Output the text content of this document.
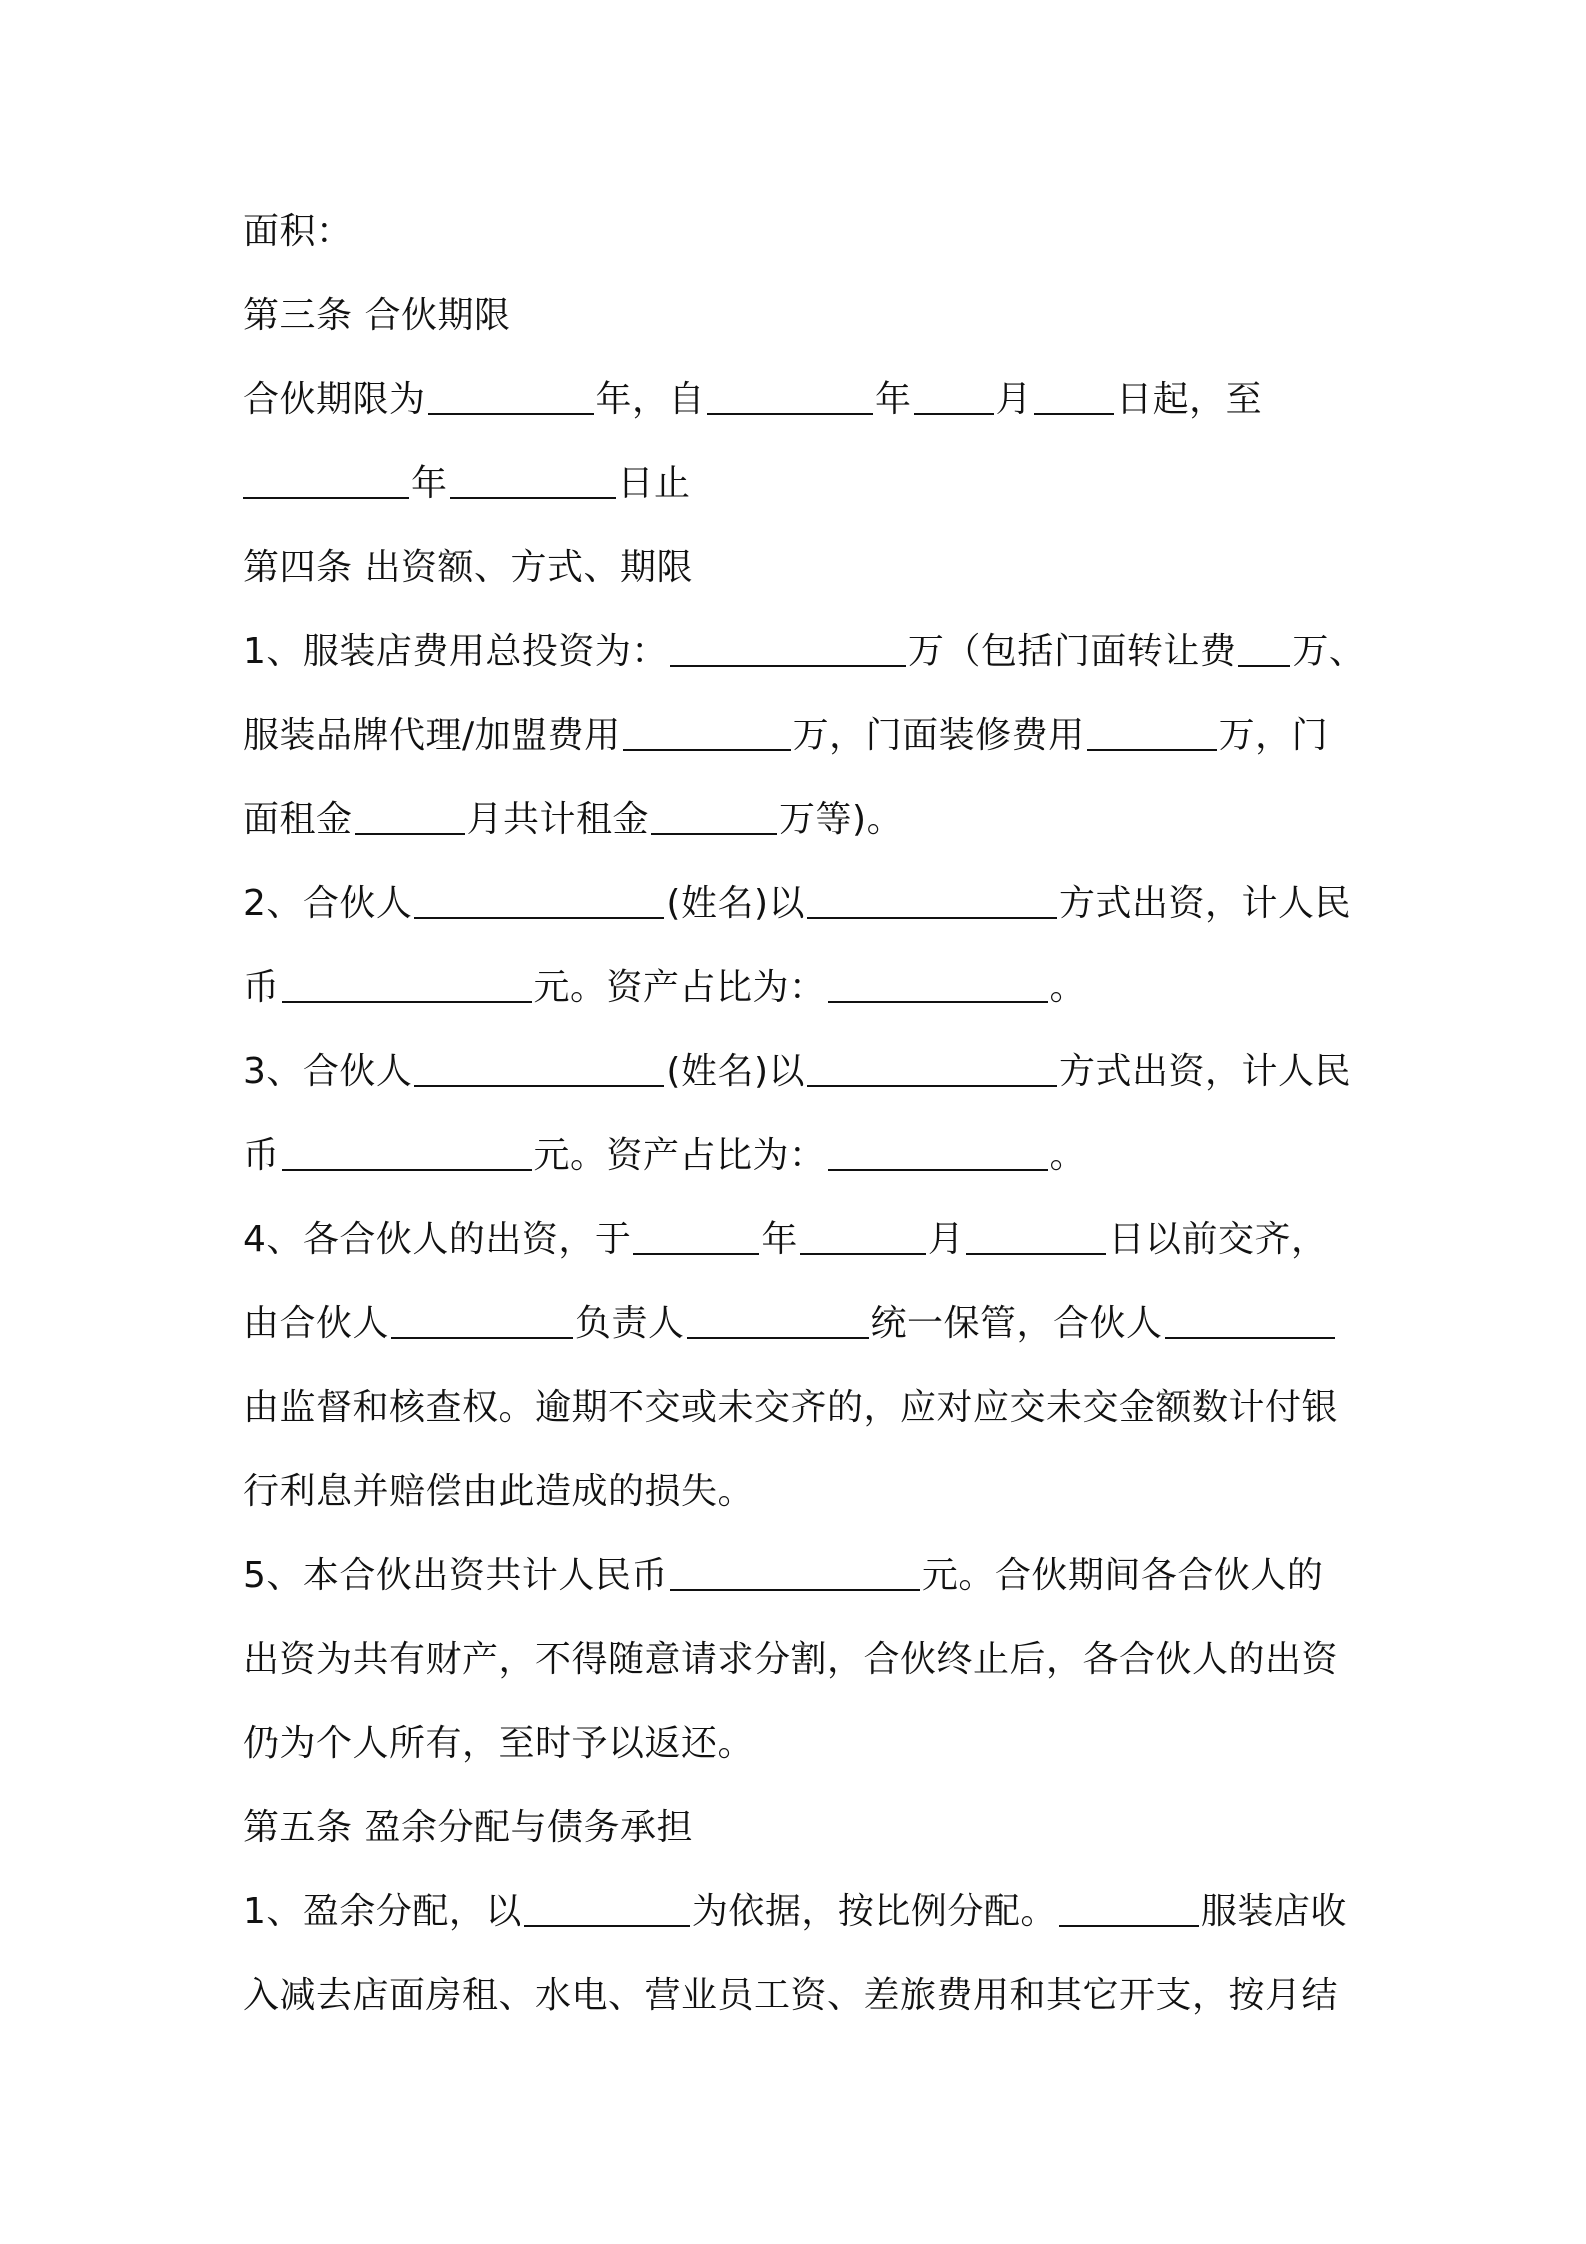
面积：
第三条 合伙期限
合伙期限为	年，自	年 月 日起，至
年	日止
第四条 出资额、方式、期限
1、服装店费用总投资为：	万（包括门面转让费 万、
服装品牌代理/加盟费用	万，门面装修费用	万，门
面租金	月共计租金	万等)。
2、合伙人	(姓名)以	方式出资，计人民
币	元。资产占比为：	。
3、合伙人	(姓名)以	方式出资，计人民
币	元。资产占比为：	。
4、各合伙人的出资，于	年	月	日以前交齐，
由合伙人	负责人	统一保管，合伙人
由监督和核查权。逾期不交或未交齐的，应对应交未交金额数计付银
行利息并赔偿由此造成的损失。
5、本合伙出资共计人民币	元。合伙期间各合伙人的
出资为共有财产，不得随意请求分割，合伙终止后，各合伙人的出资
仍为个人所有，至时予以返还。
第五条 盈余分配与债务承担
1、盈余分配，以	为依据，按比例分配。	服装店收
入减去店面房租、水电、营业员工资、差旅费用和其它开支，按月结
